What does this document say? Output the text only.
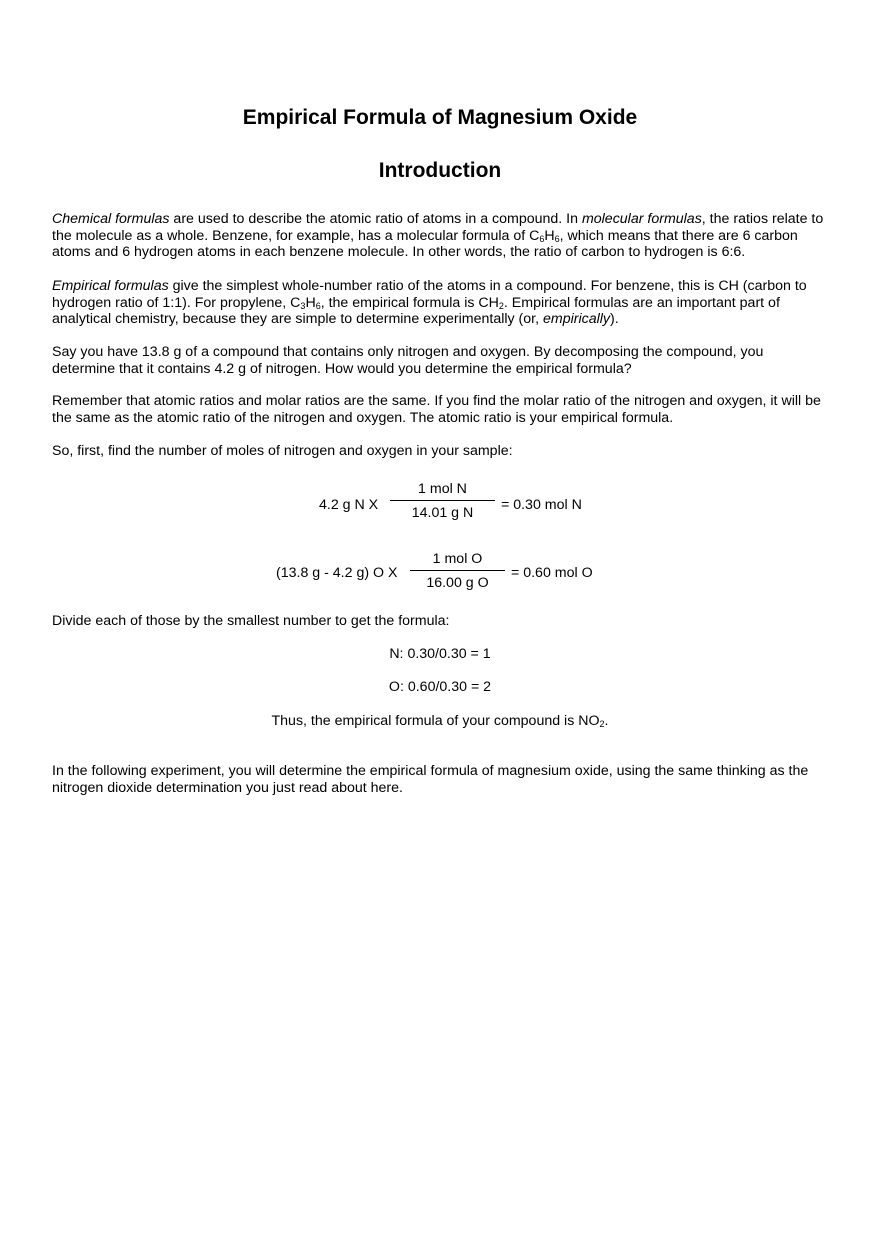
Empirical Formula of Magnesium Oxide
Introduction
Chemical formulas are used to describe the atomic ratio of atoms in a compound. In molecular formulas, the ratios relate to the molecule as a whole. Benzene, for example, has a molecular formula of $C_6H_6$, which means that there are 6 carbon atoms and 6 hydrogen atoms in each benzene molecule. In other words, the ratio of carbon to hydrogen is 6:6.
Empirical formulas give the simplest whole-number ratio of the atoms in a compound. For benzene, this is CH (carbon to hydrogen ratio of 1:1). For propylene, $C_3H_6$, the empirical formula is $CH_2$. Empirical formulas are an important part of analytical chemistry, because they are simple to determine experimentally (or, empirically).
Say you have 13.8 g of a compound that contains only nitrogen and oxygen. By decomposing the compound, you determine that it contains 4.2 g of nitrogen. How would you determine the empirical formula?
Remember that atomic ratios and molar ratios are the same. If you find the molar ratio of the nitrogen and oxygen, it will be the same as the atomic ratio of the nitrogen and oxygen. The atomic ratio is your empirical formula.
So, first, find the number of moles of nitrogen and oxygen in your sample:
4.2 g N X
1 mol N
14.01 g N	= 0.30 mol N
(13.8 g - 4.2 g) O X
1 mol O
16.00 g O
= 0.60 mol O
Divide each of those by the smallest number to get the formula:
N: 0.30/0.30 = 1
O: 0.60/0.30 = 2
Thus, the empirical formula of your compound is $NO_2$.
In the following experiment, you will determine the empirical formula of magnesium oxide, using the same thinking as the nitrogen dioxide determination you just read about here.
